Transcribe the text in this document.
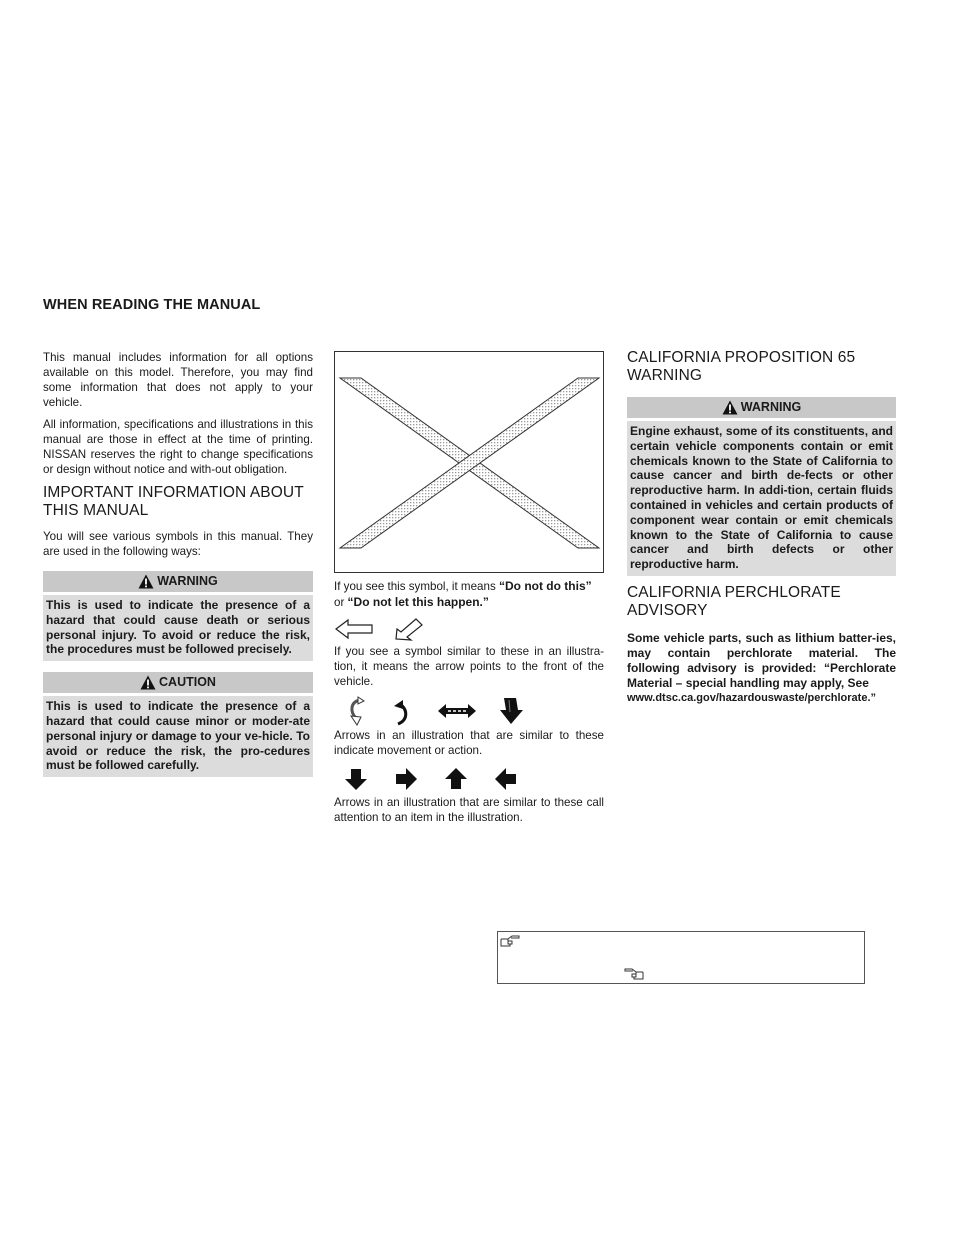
WHEN READING THE MANUAL

This manual includes information for all options available on this model. Therefore, you may find some information that does not apply to your vehicle.

All information, specifications and illustrations in this manual are those in effect at the time of printing. NISSAN reserves the right to change specifications or design without notice and with-out obligation.

IMPORTANT INFORMATION ABOUT THIS MANUAL

You will see various symbols in this manual. They are used in the following ways:

WARNING
This is used to indicate the presence of a hazard that could cause death or serious personal injury. To avoid or reduce the risk, the procedures must be followed precisely.
CAUTION
This is used to indicate the presence of a hazard that could cause minor or moder-ate personal injury or damage to your ve-hicle. To avoid or reduce the risk, the pro-cedures must be followed carefully.
If you see this symbol, it means “Do not do this” or “Do not let this happen.”

If you see a symbol similar to these in an illustra-tion, it means the arrow points to the front of the vehicle.

Arrows in an illustration that are similar to these indicate movement or action.

Arrows in an illustration that are similar to these call attention to an item in the illustration.

CALIFORNIA PROPOSITION 65 WARNING
WARNING
Engine exhaust, some of its constituents, and certain vehicle components contain or emit chemicals known to the State of California to cause cancer and birth de-fects or other reproductive harm. In addi-tion, certain fluids contained in vehicles and certain products of component wear contain or emit chemicals known to the State of California to cause cancer and birth defects or other reproductive harm.
CALIFORNIA PERCHLORATE ADVISORY
Some vehicle parts, such as lithium batter-ies, may contain perchlorate material. The following advisory is provided: “Perchlorate Material – special handling may apply, See
www.dtsc.ca.gov/hazardouswaste/perchlorate.”
